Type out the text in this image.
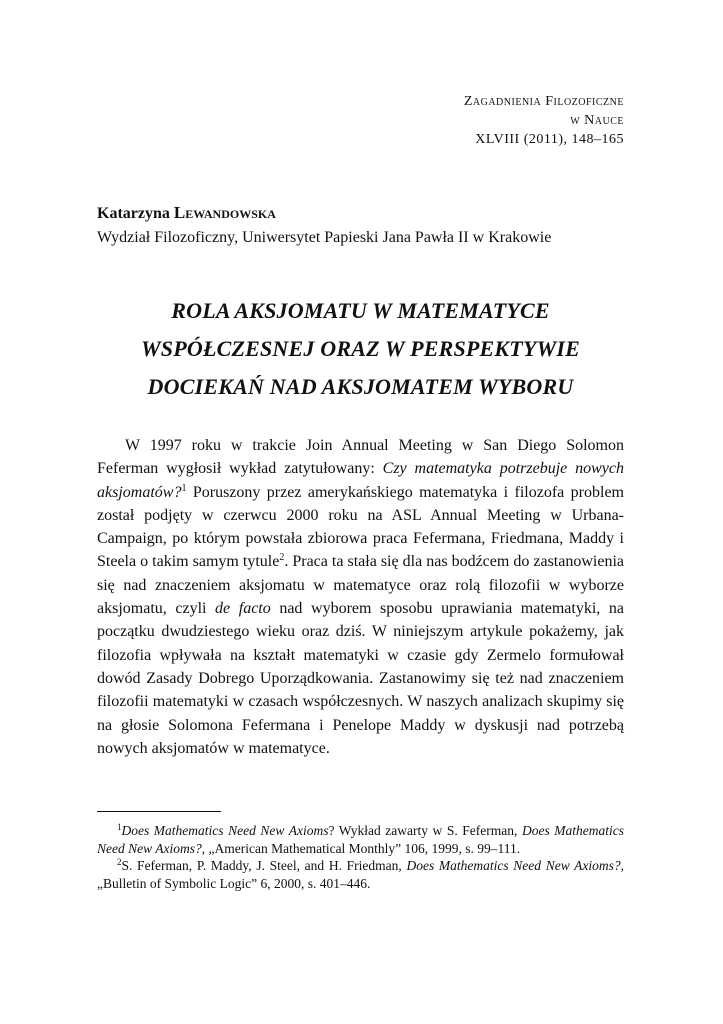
Zagadnienia Filozoficzne
w Nauce
XLVIII (2011), 148–165
Katarzyna Lewandowska
Wydział Filozoficzny, Uniwersytet Papieski Jana Pawła II w Krakowie
ROLA AKSJOMATU W MATEMATYCE
WSPÓŁCZESNEJ ORAZ W PERSPEKTYWIE
DOCIEKAŃ NAD AKSJOMATEM WYBORU
W 1997 roku w trakcie Join Annual Meeting w San Diego Solomon Feferman wygłosił wykład zatytułowany: Czy matematyka potrzebuje nowych aksjomatów?$^1$ Poruszony przez amerykańskiego matematyka i filozofa problem został podjęty w czerwcu 2000 roku na ASL Annual Meeting w Urbana-Campaign, po którym powstała zbiorowa praca Fefermana, Friedmana, Maddy i Steela o takim samym tytule$^2$. Praca ta stała się dla nas bodźcem do zastanowienia się nad znaczeniem aksjomatu w matematyce oraz rolą filozofii w wyborze aksjomatu, czyli de facto nad wyborem sposobu uprawiania matematyki, na początku dwudziestego wieku oraz dziś. W niniejszym artykule pokażemy, jak filozofia wpływała na kształt matematyki w czasie gdy Zermelo formułował dowód Zasady Dobrego Uporządkowania. Zastanowimy się też nad znaczeniem filozofii matematyki w czasach współczesnych. W naszych analizach skupimy się na głosie Solomona Fefermana i Penelope Maddy w dyskusji nad potrzebą nowych aksjomatów w matematyce.

$^1$Does Mathematics Need New Axioms? Wykład zawarty w S. Feferman, Does Mathematics Need New Axioms?, „American Mathematical Monthly” 106, 1999, s. 99–111.

$^2$S. Feferman, P. Maddy, J. Steel, and H. Friedman, Does Mathematics Need New Axioms?, „Bulletin of Symbolic Logic” 6, 2000, s. 401–446.
